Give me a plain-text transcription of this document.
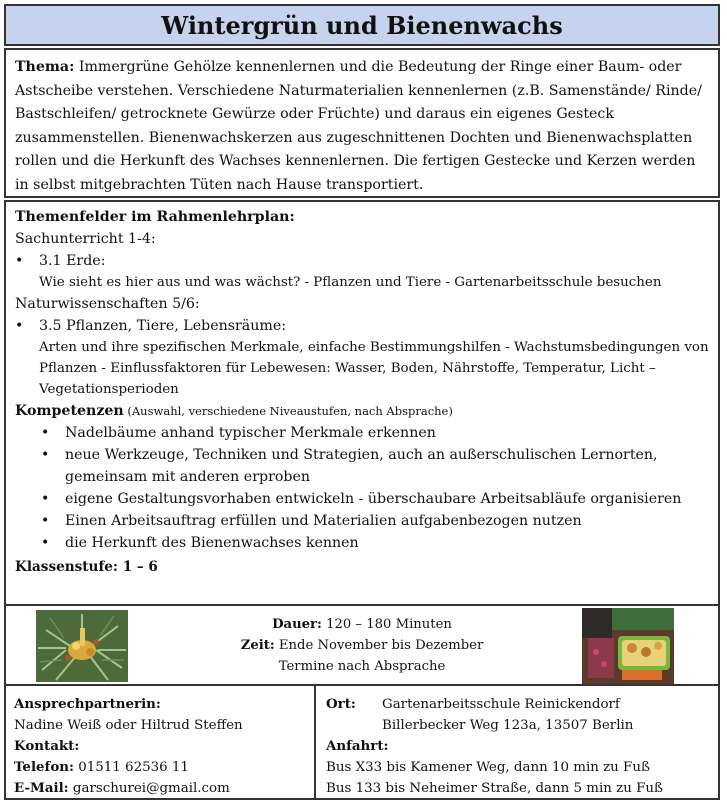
Wintergrün und Bienenwachs
Thema: Immergrüne Gehölze kennenlernen und die Bedeutung der Ringe einer Baum- oder Astscheibe verstehen. Verschiedene Naturmaterialien kennenlernen (z.B. Samenstände/ Rinde/ Bastschleifen/ getrocknete Gewürze oder Früchte) und daraus ein eigenes Gesteck zusammenstellen. Bienenwachskerzen aus zugeschnittenen Dochten und Bienenwachsplatten rollen und die Herkunft des Wachses kennenlernen. Die fertigen Gestecke und Kerzen werden in selbst mitgebrachten Tüten nach Hause transportiert.
Themenfelder im Rahmenlehrplan:
Sachunterricht 1-4:
•	3.1 Erde:
Wie sieht es hier aus und was wächst? - Pflanzen und Tiere - Gartenarbeitsschule besuchen
Naturwissenschaften 5/6:
•	3.5 Pflanzen, Tiere, Lebensräume:
Arten und ihre spezifischen Merkmale, einfache Bestimmungshilfen - Wachstumsbedingungen von
Pflanzen - Einflussfaktoren für Lebewesen: Wasser, Boden, Nährstoffe, Temperatur, Licht –
Vegetationsperioden
Kompetenzen (Auswahl, verschiedene Niveaustufen, nach Absprache)
•	Nadelbäume anhand typischer Merkmale erkennen
•	neue Werkzeuge, Techniken und Strategien, auch an außerschulischen Lernorten,
gemeinsam mit anderen erproben
•	eigene Gestaltungsvorhaben entwickeln - überschaubare Arbeitsabläufe organisieren
•	Einen Arbeitsauftrag erfüllen und Materialien aufgabenbezogen nutzen
•	die Herkunft des Bienenwachses kennen
Klassenstufe: 1 – 6
Dauer: 120 – 180 Minuten
Zeit: Ende November bis Dezember
Termine nach Absprache
Ansprechpartnerin:
Nadine Weiß oder Hiltrud Steffen
Kontakt:
Telefon: 01511 62536 11
E-Mail: garschurei@gmail.com
Ort:	Gartenarbeitsschule Reinickendorf
Billerbecker Weg 123a, 13507 Berlin
Anfahrt:
Bus X33 bis Kamener Weg, dann 10 min zu Fuß
Bus 133 bis Neheimer Straße, dann 5 min zu Fuß
